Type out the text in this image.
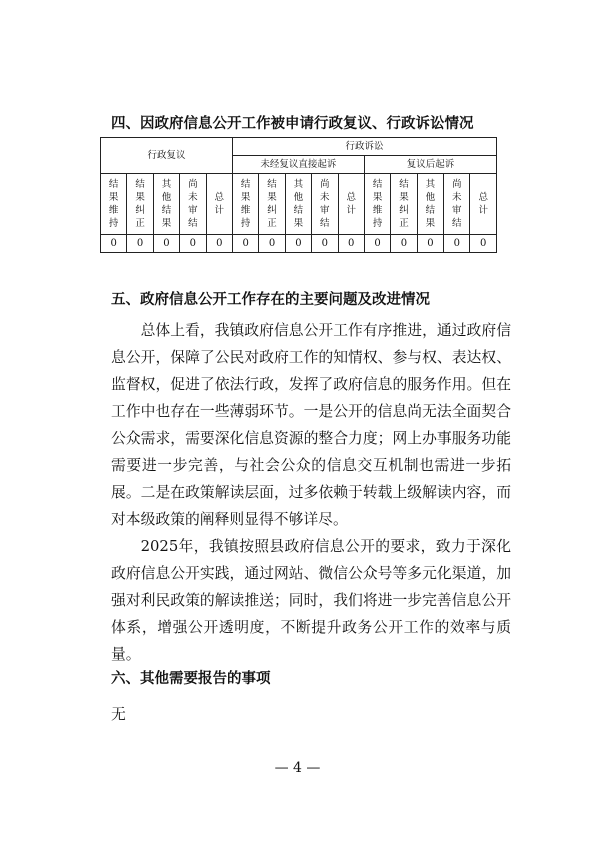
四、因政府信息公开工作被申请行政复议、行政诉讼情况
行政复议					行政诉讼									
					未经复议直接起诉					复议后起诉				
结果维持	结果纠正	其他结果	尚未审结	总计	结果维持	结果纠正	其他结果	尚未审结	总计	结果维持	结果纠正	其他结果	尚未审结	总计
0	0	0	0	0	0	0	0	0	0	0	0	0	0	0
五、政府信息公开工作存在的主要问题及改进情况

总体上看，我镇政府信息公开工作有序推进，通过政府信息公开，保障了公民对政府工作的知情权、参与权、表达权、监督权，促进了依法行政，发挥了政府信息的服务作用。但在工作中也存在一些薄弱环节。一是公开的信息尚无法全面契合公众需求，需要深化信息资源的整合力度；网上办事服务功能需要进一步完善，与社会公众的信息交互机制也需进一步拓展。二是在政策解读层面，过多依赖于转载上级解读内容，而对本级政策的阐释则显得不够详尽。

2025年，我镇按照县政府信息公开的要求，致力于深化政府信息公开实践，通过网站、微信公众号等多元化渠道，加强对利民政策的解读推送；同时，我们将进一步完善信息公开体系，增强公开透明度，不断提升政务公开工作的效率与质量。

六、其他需要报告的事项

无

— 4 —
